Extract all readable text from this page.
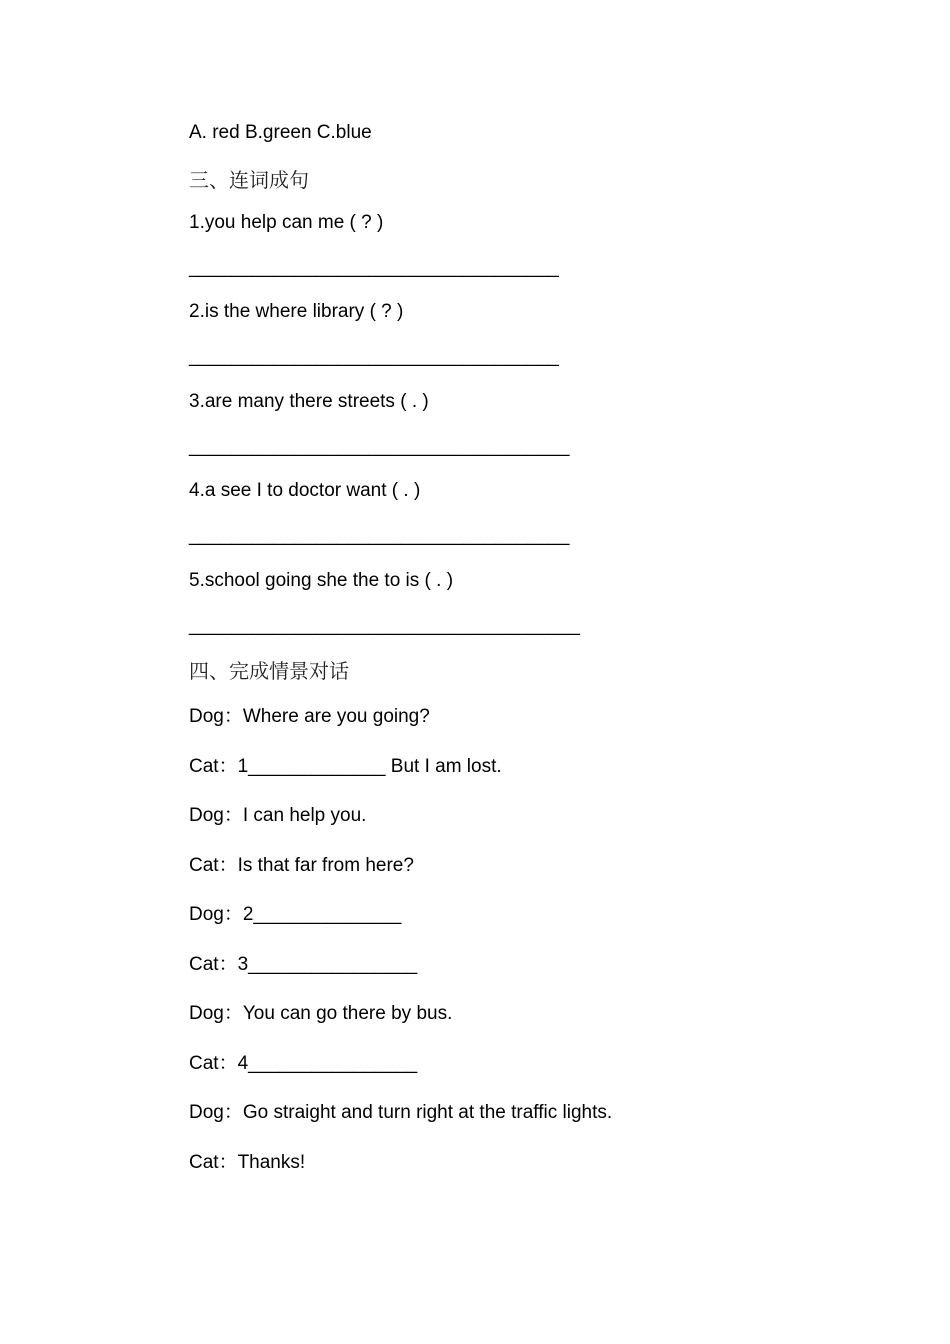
A. red B.green C.blue
三、连词成句
1.you help can me ( ? )
___________________________________
2.is the where library ( ? )
___________________________________
3.are many there streets ( . )
____________________________________
4.a see I to doctor want ( . )
____________________________________
5.school going she the to is ( . )
_____________________________________
四、完成情景对话
Dog：Where are you going?
Cat：1_____________ But I am lost.
Dog：I can help you.
Cat：Is that far from here?
Dog：2______________
Cat：3________________
Dog：You can go there by bus.
Cat：4________________
Dog：Go straight and turn right at the traffic lights.
Cat：Thanks!
